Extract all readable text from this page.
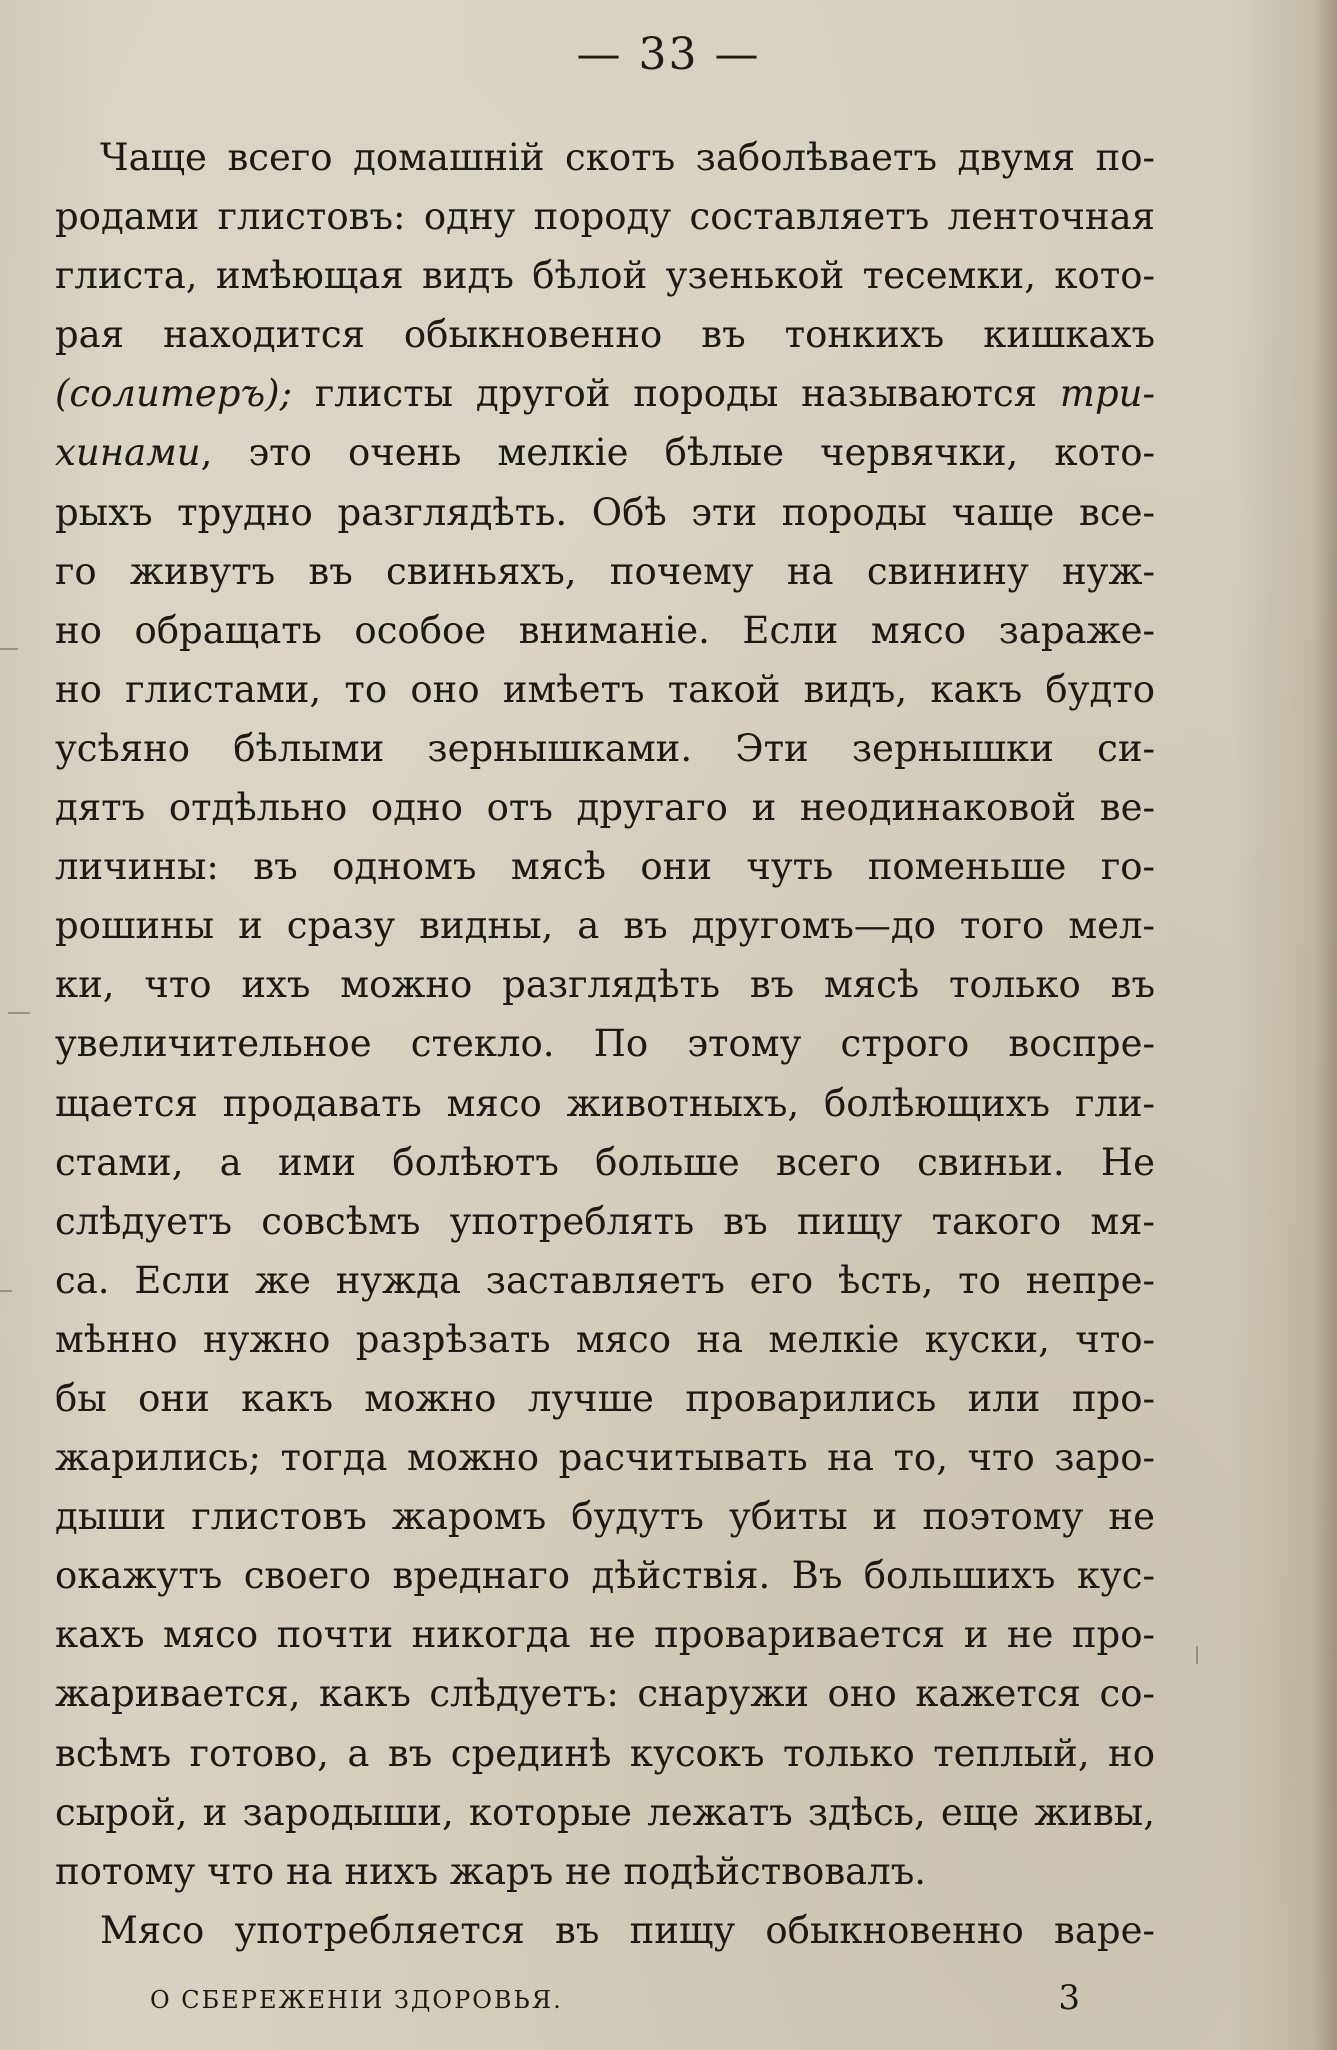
— 33 —
Чаще всего домашній скотъ заболѣваетъ двумя по-
родами глистовъ: одну породу составляетъ ленточная
глиста, имѣющая видъ бѣлой узенькой тесемки, кото-
рая находится обыкновенно въ тонкихъ кишкахъ
(солитеръ); глисты другой породы называются три-
хинами, это очень мелкіе бѣлые червячки, кото-
рыхъ трудно разглядѣть. Обѣ эти породы чаще все-
го живутъ въ свиньяхъ, почему на свинину нуж-
но обращать особое вниманіе. Если мясо зараже-
но глистами, то оно имѣетъ такой видъ, какъ будто
усѣяно бѣлыми зернышками. Эти зернышки си-
дятъ отдѣльно одно отъ другаго и неодинаковой ве-
личины: въ одномъ мясѣ они чуть поменьше го-
рошины и сразу видны, а въ другомъ—до того мел-
ки, что ихъ можно разглядѣть въ мясѣ только въ
увеличительное стекло. По этому строго воспре-
щается продавать мясо животныхъ, болѣющихъ гли-
стами, а ими болѣютъ больше всего свиньи. Не
слѣдуетъ совсѣмъ употреблять въ пищу такого мя-
са. Если же нужда заставляетъ его ѣсть, то непре-
мѣнно нужно разрѣзать мясо на мелкіе куски, что-
бы они какъ можно лучше проварились или про-
жарились; тогда можно расчитывать на то, что заро-
дыши глистовъ жаромъ будутъ убиты и поэтому не
окажутъ своего вреднаго дѣйствія. Въ большихъ кус-
кахъ мясо почти никогда не проваривается и не про-
жаривается, какъ слѣдуетъ: снаружи оно кажется со-
всѣмъ готово, а въ срединѣ кусокъ только теплый, но
сырой, и зародыши, которые лежатъ здѣсь, еще живы,
потому что на нихъ жаръ не подѣйствовалъ.
Мясо употребляется въ пищу обыкновенно варе-
О СБЕРЕЖЕНІИ ЗДОРОВЬЯ.	3
